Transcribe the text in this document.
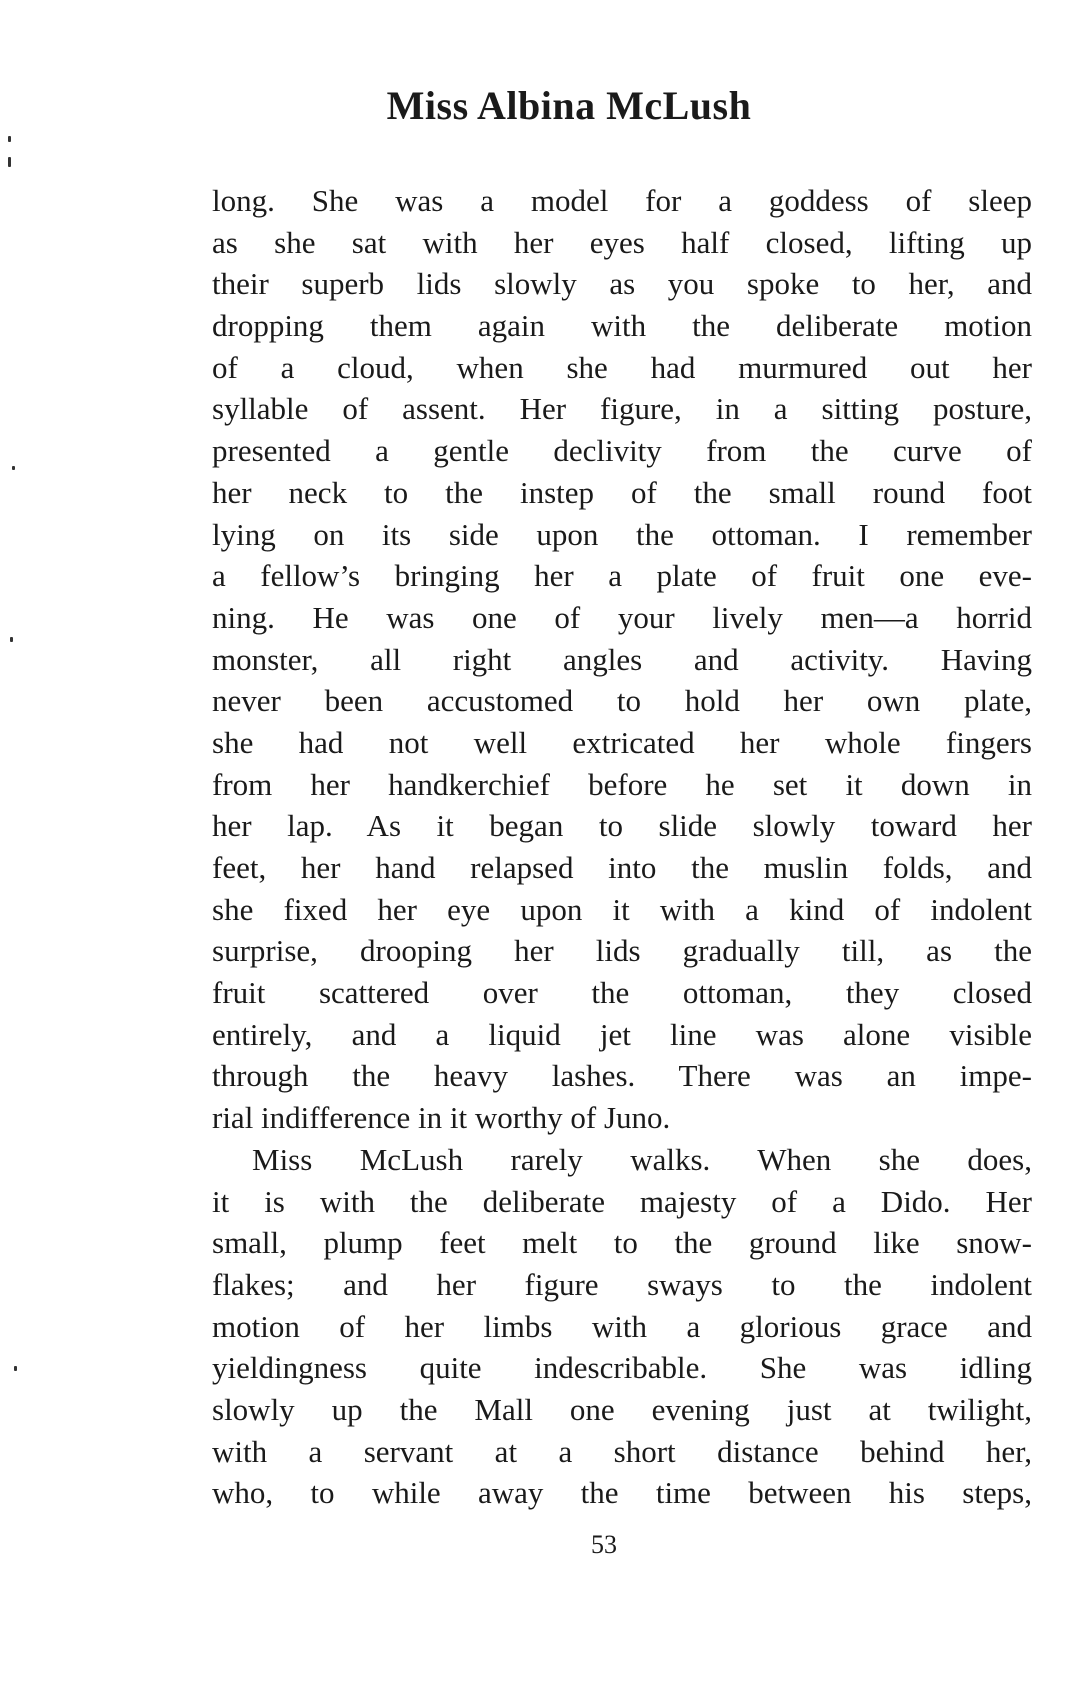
Miss Albina McLush
long. She was a model for a goddess of sleep
as she sat with her eyes half closed, lifting up
their superb lids slowly as you spoke to her, and
dropping them again with the deliberate motion
of a cloud, when she had murmured out her
syllable of assent. Her figure, in a sitting posture,
presented a gentle declivity from the curve of
her neck to the instep of the small round foot
lying on its side upon the ottoman. I remember
a fellow’s bringing her a plate of fruit one eve-
ning. He was one of your lively men—a horrid
monster, all right angles and activity. Having
never been accustomed to hold her own plate,
she had not well extricated her whole fingers
from her handkerchief before he set it down in
her lap. As it began to slide slowly toward her
feet, her hand relapsed into the muslin folds, and
she fixed her eye upon it with a kind of indolent
surprise, drooping her lids gradually till, as the
fruit scattered over the ottoman, they closed
entirely, and a liquid jet line was alone visible
through the heavy lashes. There was an impe-
rial indifference in it worthy of Juno.
Miss McLush rarely walks. When she does,
it is with the deliberate majesty of a Dido. Her
small, plump feet melt to the ground like snow-
flakes; and her figure sways to the indolent
motion of her limbs with a glorious grace and
yieldingness quite indescribable. She was idling
slowly up the Mall one evening just at twilight,
with a servant at a short distance behind her,
who, to while away the time between his steps,
53
